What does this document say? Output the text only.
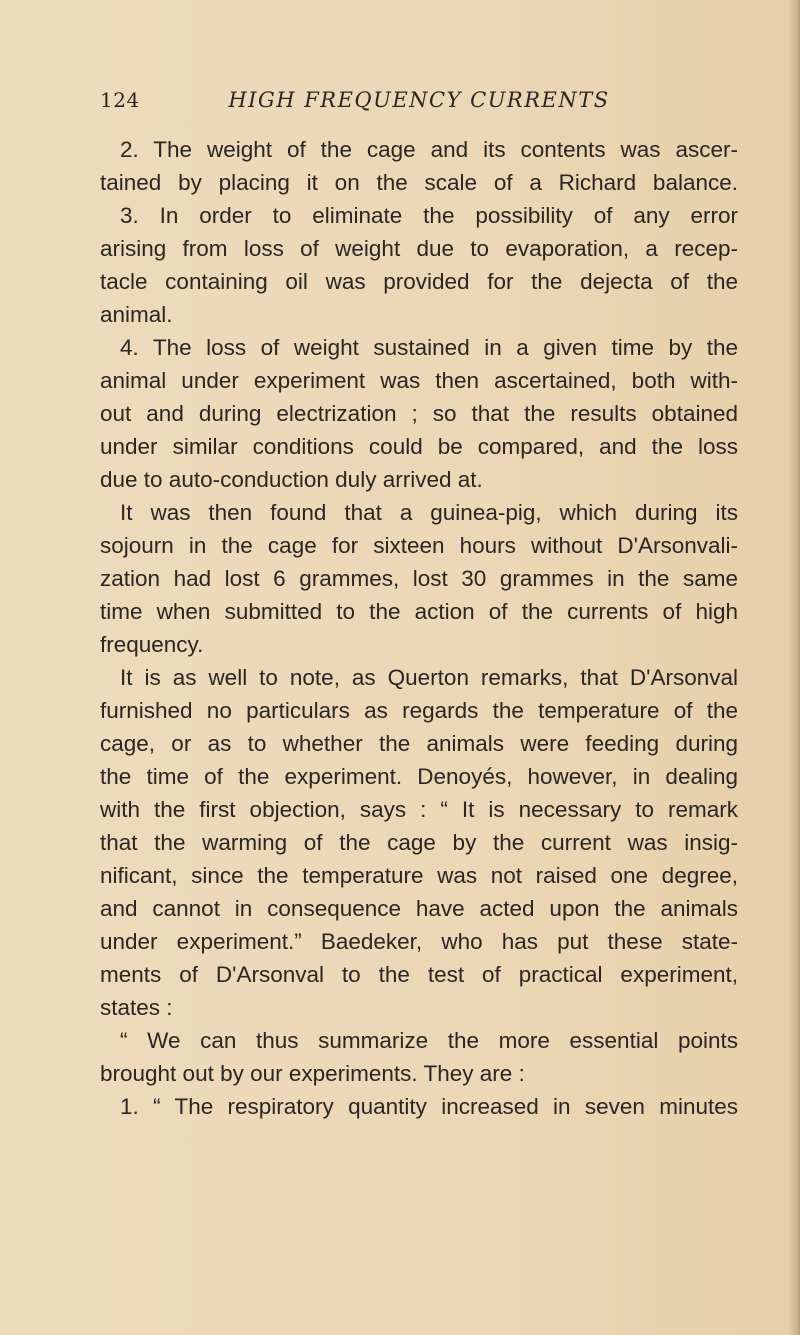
124	HIGH FREQUENCY CURRENTS
2. The weight of the cage and its contents was ascer-
tained by placing it on the scale of a Richard balance.
3. In order to eliminate the possibility of any error
arising from loss of weight due to evaporation, a recep-
tacle containing oil was provided for the dejecta of the
animal.
4. The loss of weight sustained in a given time by the
animal under experiment was then ascertained, both with-
out and during electrization ; so that the results obtained
under similar conditions could be compared, and the loss
due to auto-conduction duly arrived at.
It was then found that a guinea-pig, which during its
sojourn in the cage for sixteen hours without D'Arsonvali-
zation had lost 6 grammes, lost 30 grammes in the same
time when submitted to the action of the currents of high
frequency.
It is as well to note, as Querton remarks, that D'Arsonval
furnished no particulars as regards the temperature of the
cage, or as to whether the animals were feeding during
the time of the experiment. Denoyés, however, in dealing
with the first objection, says : “ It is necessary to remark
that the warming of the cage by the current was insig-
nificant, since the temperature was not raised one degree,
and cannot in consequence have acted upon the animals
under experiment.” Baedeker, who has put these state-
ments of D'Arsonval to the test of practical experiment,
states :
“ We can thus summarize the more essential points
brought out by our experiments. They are :
1. “ The respiratory quantity increased in seven minutes
